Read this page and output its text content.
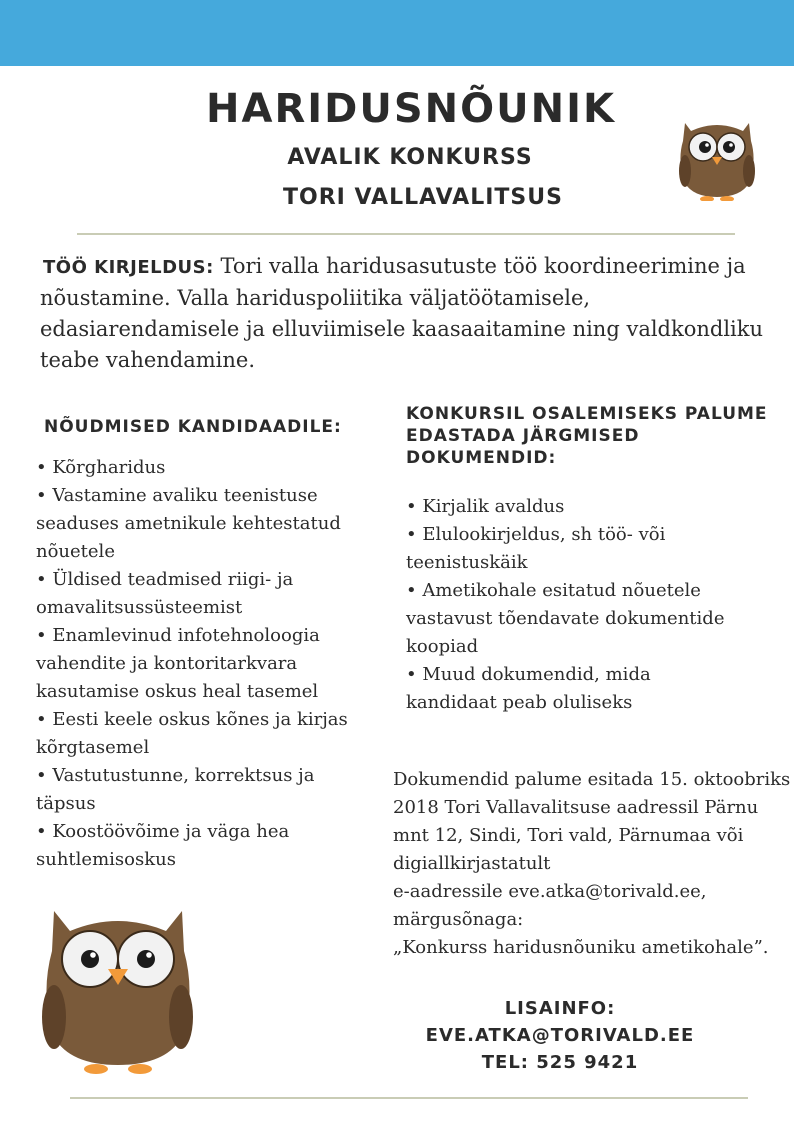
HARIDUSNÕUNIK
AVALIK KONKURSS
TORI VALLAVALITSUS
TÖÖ KIRJELDUS: Tori valla haridusasutuste töö koordineerimine ja nõustamine. Valla hariduspoliitika väljatöötamisele, edasiarendamisele ja elluviimisele kaasaaitamine ning valdkondliku teabe vahendamine.
NÕUDMISED KANDIDAADILE:
• Kõrgharidus
• Vastamine avaliku teenistuse seaduses ametnikule kehtestatud nõuetele
• Üldised teadmised riigi- ja omavalitsussüsteemist
• Enamlevinud infotehnoloogia vahendite ja kontoritarkvara kasutamise oskus heal tasemel
• Eesti keele oskus kõnes ja kirjas kõrgtasemel
• Vastutustunne, korrektsus ja täpsus
• Koostöövõime ja väga hea suhtlemisoskus
KONKURSIL OSALEMISEKS PALUME EDASTADA JÄRGMISED DOKUMENDID:
• Kirjalik avaldus
• Elulookirjeldus, sh töö- või teenistuskäik
• Ametikohale esitatud nõuetele vastavust tõendavate dokumentide koopiad
• Muud dokumendid, mida kandidaat peab oluliseks
Dokumendid palume esitada 15. oktoobriks 2018 Tori Vallavalitsuse aadressil Pärnu mnt 12, Sindi, Tori vald, Pärnumaa või digiallkirjastatult
e-aadressile eve.atka@torivald.ee, märgusõnaga:
„Konkurss haridusnõuniku ametikohale”.
LISAINFO:
EVE.ATKA@TORIVALD.EE
TEL: 525 9421
